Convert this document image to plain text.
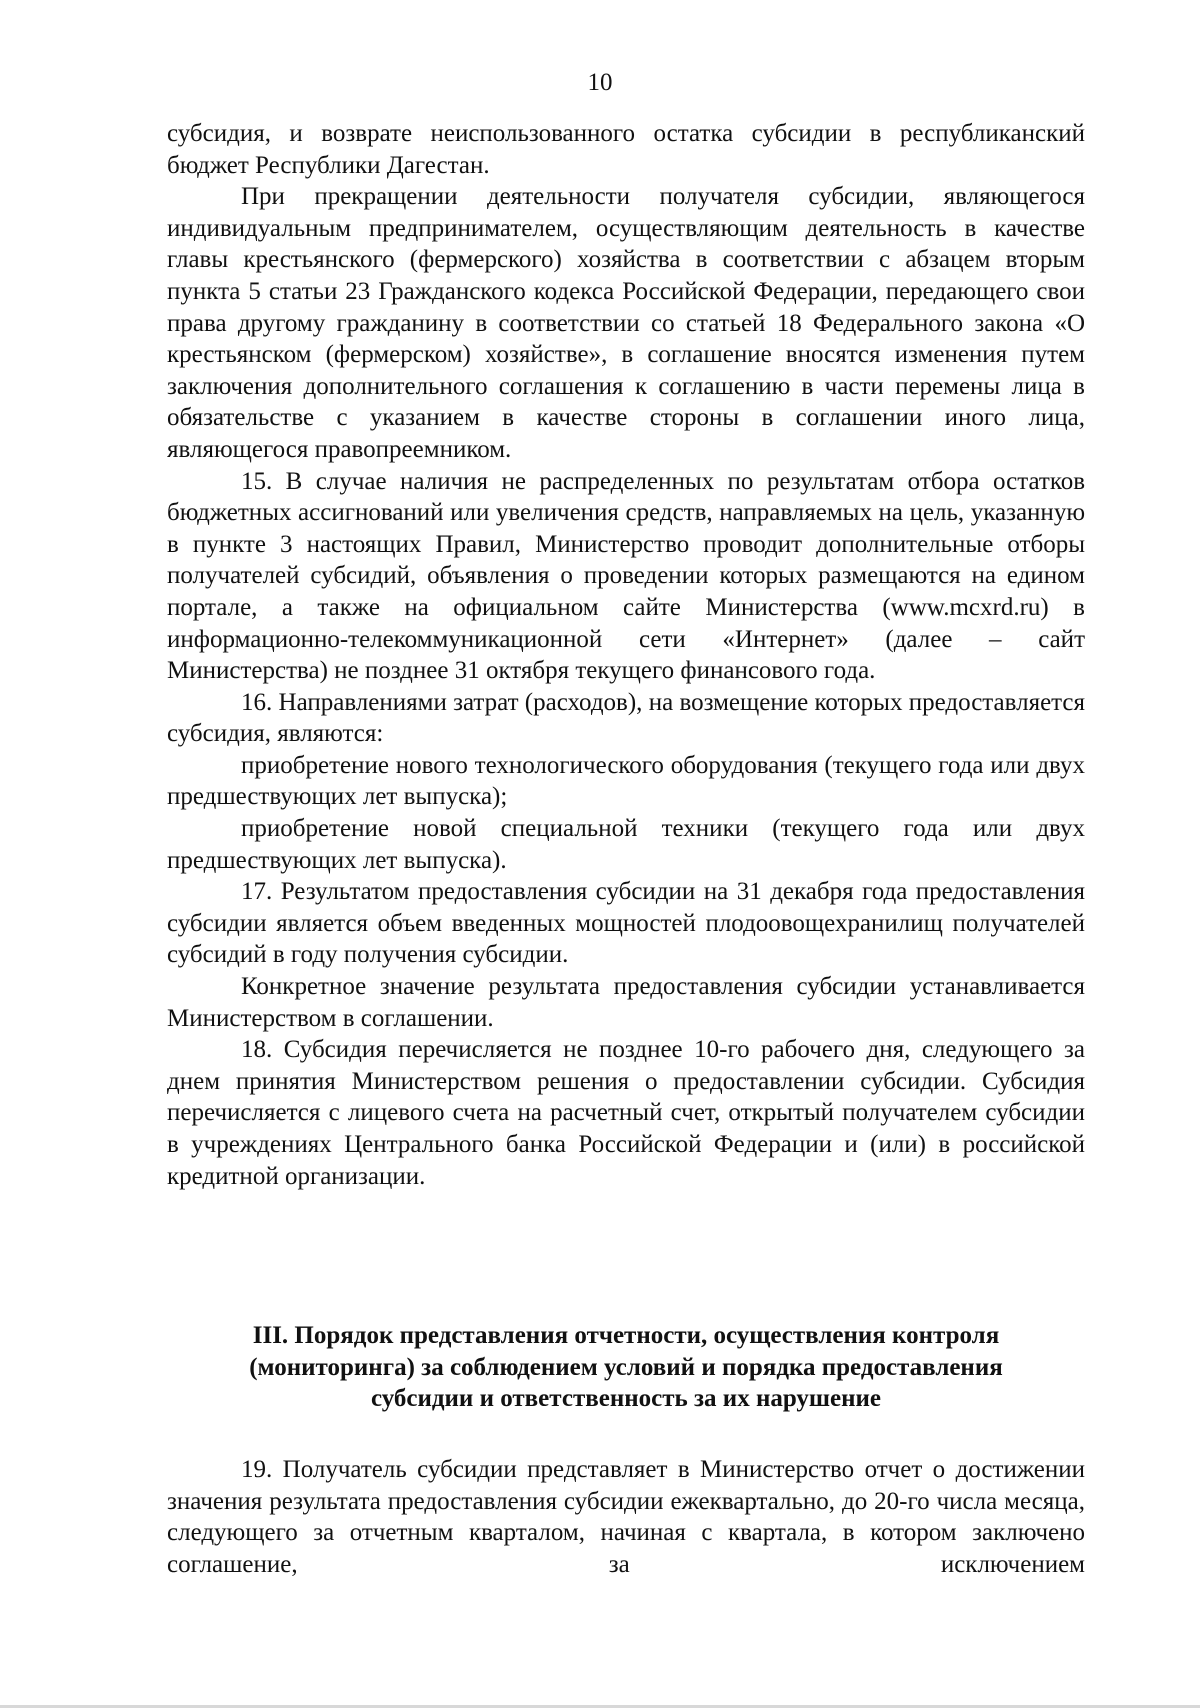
10

субсидия, и возврате неиспользованного остатка субсидии в республиканский бюджет Республики Дагестан.

При прекращении деятельности получателя субсидии, являющегося индивидуальным предпринимателем, осуществляющим деятельность в качестве главы крестьянского (фермерского) хозяйства в соответствии с абзацем вторым пункта 5 статьи 23 Гражданского кодекса Российской Федерации, передающего свои права другому гражданину в соответствии со статьей 18 Федерального закона «О крестьянском (фермерском) хозяйстве», в соглашение вносятся изменения путем заключения дополнительного соглашения к соглашению в части перемены лица в обязательстве с указанием в качестве стороны в соглашении иного лица, являющегося правопреемником.

15. В случае наличия не распределенных по результатам отбора остатков бюджетных ассигнований или увеличения средств, направляемых на цель, указанную в пункте 3 настоящих Правил, Министерство проводит дополнительные отборы получателей субсидий, объявления о проведении которых размещаются на едином портале, а также на официальном сайте Министерства (www.mcxrd.ru) в информационно-телекоммуникационной сети «Интернет» (далее – сайт Министерства) не позднее 31 октября текущего финансового года.

16. Направлениями затрат (расходов), на возмещение которых предоставляется субсидия, являются:

приобретение нового технологического оборудования (текущего года или двух предшествующих лет выпуска);

приобретение новой специальной техники (текущего года или двух предшествующих лет выпуска).

17. Результатом предоставления субсидии на 31 декабря года предоставления субсидии является объем введенных мощностей плодоовощехранилищ получателей субсидий в году получения субсидии.

Конкретное значение результата предоставления субсидии устанавливается Министерством в соглашении.

18. Субсидия перечисляется не позднее 10-го рабочего дня, следующего за днем принятия Министерством решения о предоставлении субсидии. Субсидия перечисляется с лицевого счета на расчетный счет, открытый получателем субсидии в учреждениях Центрального банка Российской Федерации и (или) в российской кредитной организации.

III. Порядок представления отчетности, осуществления контроля
(мониторинга) за соблюдением условий и порядка предоставления
субсидии и ответственность за их нарушение

19. Получатель субсидии представляет в Министерство отчет о достижении значения результата предоставления субсидии ежеквартально, до 20-го числа месяца, следующего за отчетным кварталом, начиная с квартала, в котором заключено соглашение, за исключением
